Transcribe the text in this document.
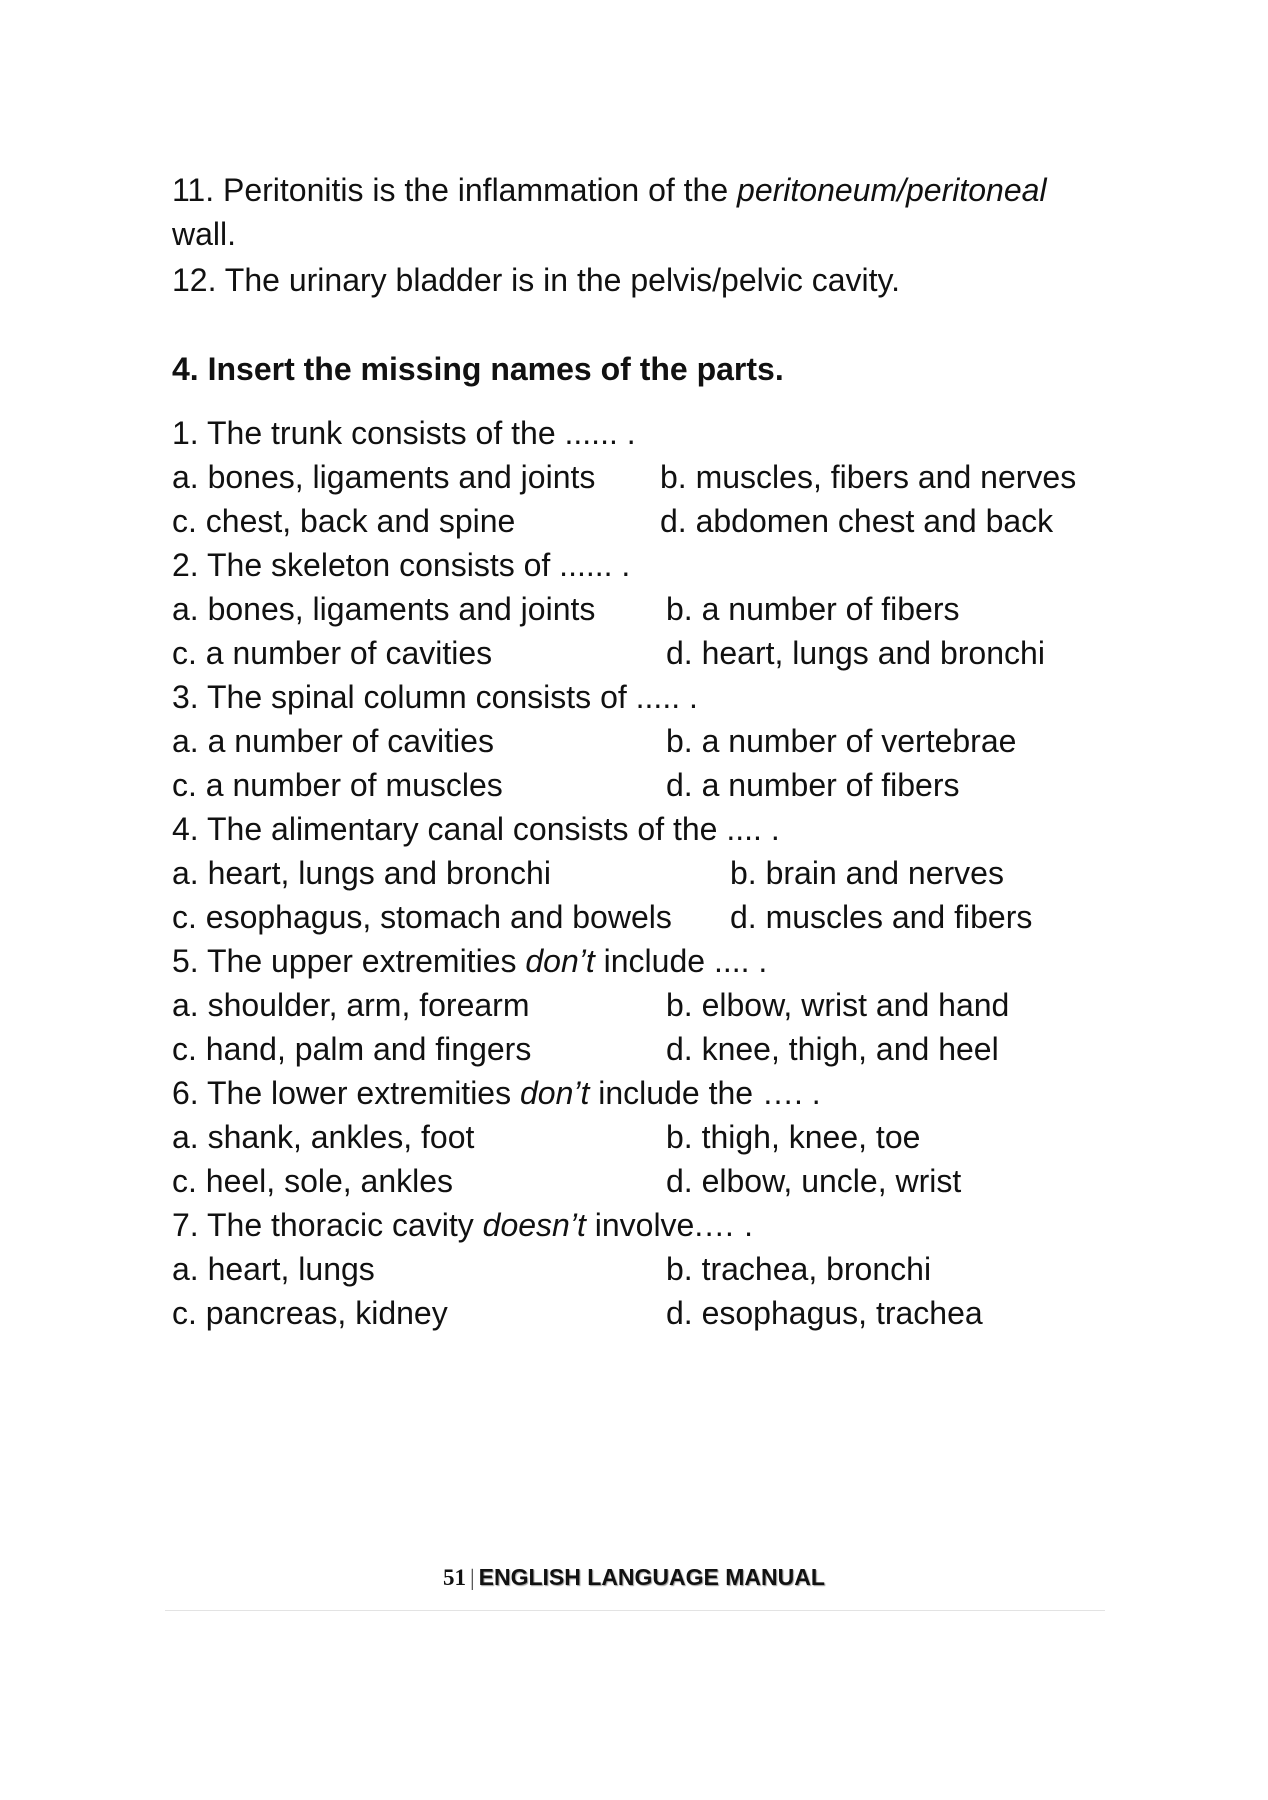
11. Peritonitis is the inflammation of the peritoneum/peritoneal
wall.
12. The urinary bladder is in the pelvis/pelvic cavity.
4. Insert the missing names of the parts.
1. The trunk consists of the ...... .
a. bones, ligaments and joints b. muscles, fibers and nerves
c. chest, back and spine	d. abdomen chest and back
2. The skeleton consists of ...... .
a. bones, ligaments and joints b. a number of fibers
c. a number of cavities	d. heart, lungs and bronchi
3. The spinal column consists of ..... .
a. a number of cavities	b. a number of vertebrae
c. a number of muscles	d. a number of fibers
4. The alimentary canal consists of the .... .
a. heart, lungs and bronchi	b. brain and nerves
c. esophagus, stomach and bowels d. muscles and fibers
5. The upper extremities don’t include .... .
a. shoulder, arm, forearm	b. elbow, wrist and hand
c. hand, palm and fingers	d. knee, thigh, and heel
6. The lower extremities don’t include the …. .
a. shank, ankles, foot	b. thigh, knee, toe
c. heel, sole, ankles	d. elbow, uncle, wrist
7. The thoracic cavity doesn’t involve.… .
a. heart, lungs	b. trachea, bronchi
c. pancreas, kidney	d. esophagus, trachea
51 | ENGLISH LANGUAGE MANUAL
